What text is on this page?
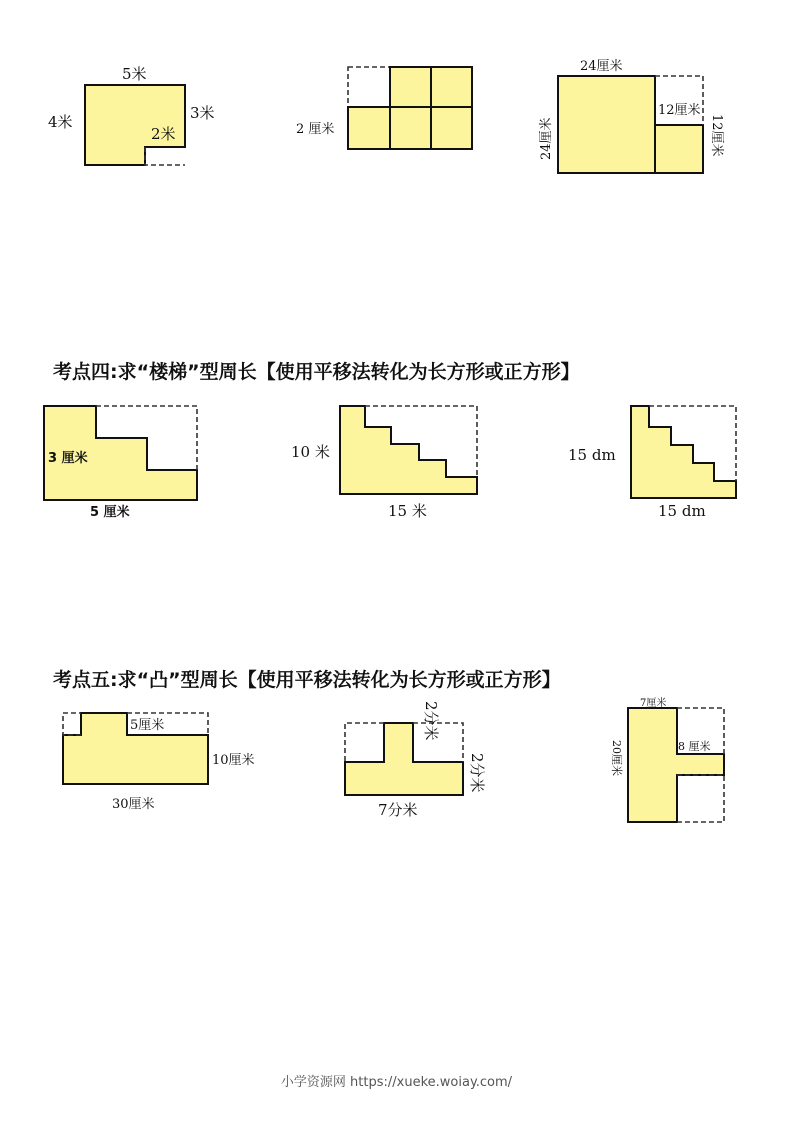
5米
4米	3米
2米	2 厘米
24厘米
24厘米
12厘米
12厘米
考点四:求“楼梯”型周长【使用平移法转化为长方形或正方形】
3 厘米
5 厘米
10 米
15 米
15 dm
15 dm
考点五:求“凸”型周长【使用平移法转化为长方形或正方形】
5厘米
10厘米
30厘米
2分米
2分米
7分米
7厘米
20厘米	8 厘米
小学资源网 https://xueke.woiay.com/
